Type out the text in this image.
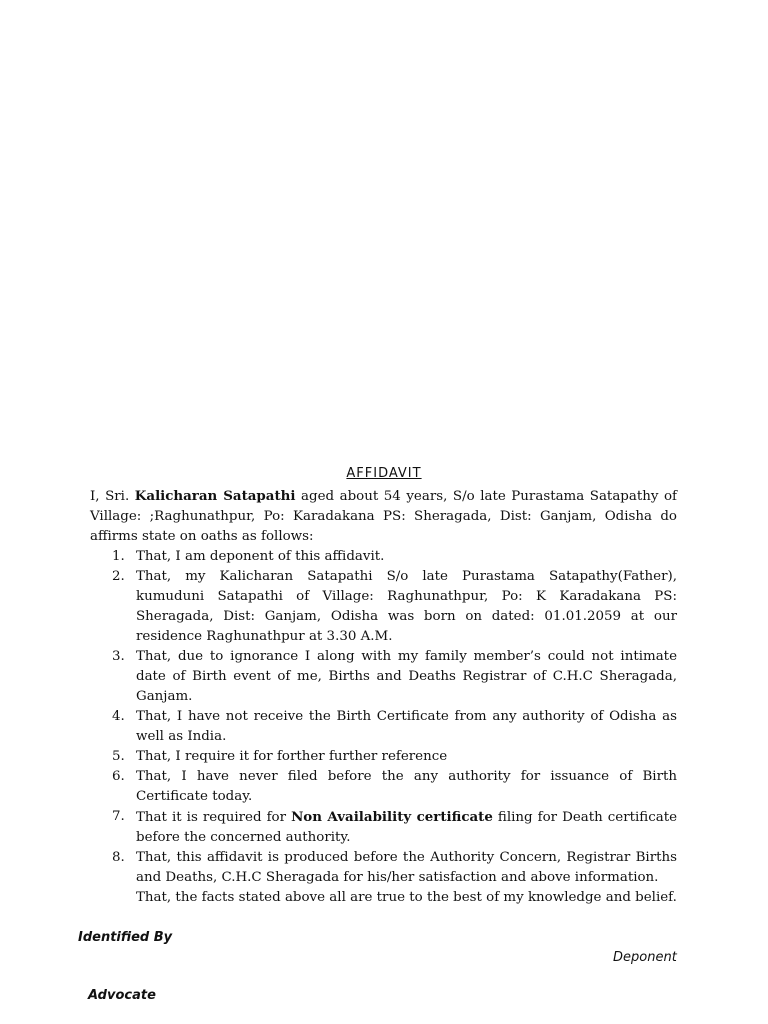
AFFIDAVIT

I, Sri. Kalicharan Satapathi aged about 54 years, S/o late Purastama Satapathy of Village: ;Raghunathpur, Po: Karadakana PS: Sheragada, Dist: Ganjam, Odisha do affirms state on oaths as follows:

1. That, I am deponent of this affidavit.
2. That, my Kalicharan Satapathi S/o late Purastama Satapathy(Father), kumuduni Satapathi of Village: Raghunathpur, Po: K Karadakana PS: Sheragada, Dist: Ganjam, Odisha was born on dated: 01.01.2059 at our residence Raghunathpur at 3.30 A.M.
3. That, due to ignorance I along with my family member’s could not intimate date of Birth event of me, Births and Deaths Registrar of C.H.C Sheragada, Ganjam.
4. That, I have not receive the Birth Certificate from any authority of Odisha as well as India.
5. That, I require it for forther further reference
6. That, I have never filed before the any authority for issuance of Birth Certificate today.
7. That it is required for Non Availability certificate filing for Death certificate before the concerned authority.
8. That, this affidavit is produced before the Authority Concern, Registrar Births and Deaths, C.H.C Sheragada for his/her satisfaction and above information.

That, the facts stated above all are true to the best of my knowledge and belief.

Identified By
Deponent
Advocate
